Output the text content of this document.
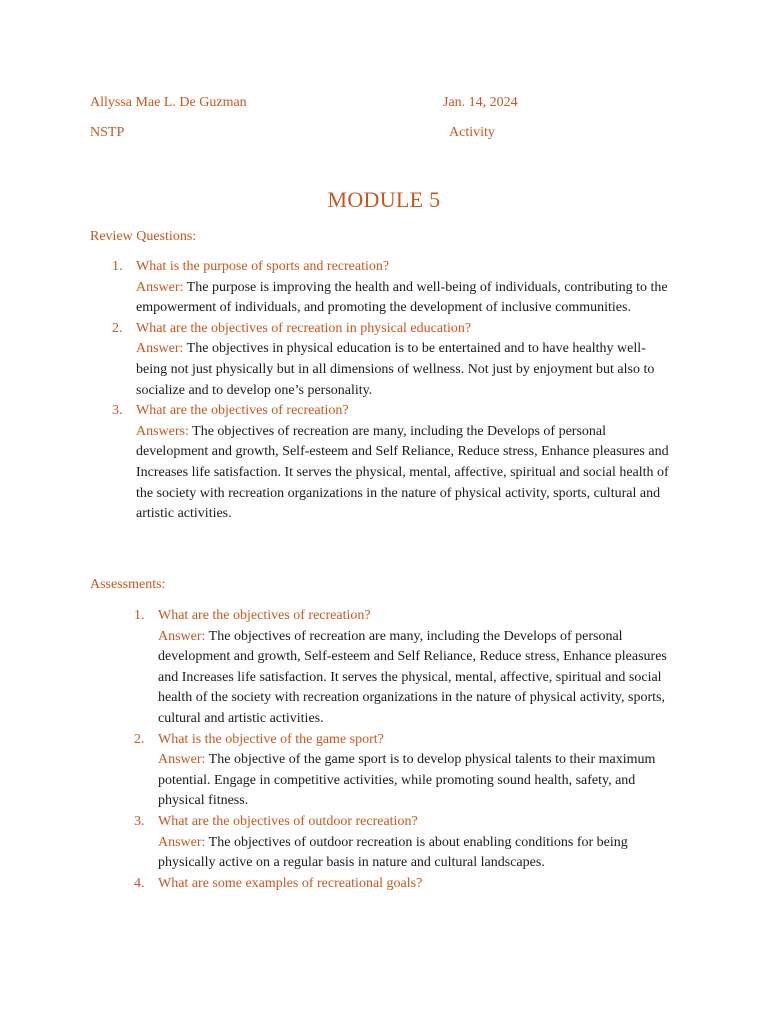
Allyssa Mae L. De Guzman	Jan. 14, 2024
NSTP	Activity
MODULE 5
Review Questions:
1. What is the purpose of sports and recreation?
Answer: The purpose is improving the health and well-being of individuals, contributing to the empowerment of individuals, and promoting the development of inclusive communities.
2. What are the objectives of recreation in physical education?
Answer: The objectives in physical education is to be entertained and to have healthy well-being not just physically but in all dimensions of wellness. Not just by enjoyment but also to socialize and to develop one’s personality.
3. What are the objectives of recreation?
Answers: The objectives of recreation are many, including the Develops of personal development and growth, Self-esteem and Self Reliance, Reduce stress, Enhance pleasures and Increases life satisfaction. It serves the physical, mental, affective, spiritual and social health of the society with recreation organizations in the nature of physical activity, sports, cultural and artistic activities.
Assessments:
1. What are the objectives of recreation?
Answer: The objectives of recreation are many, including the Develops of personal development and growth, Self-esteem and Self Reliance, Reduce stress, Enhance pleasures and Increases life satisfaction. It serves the physical, mental, affective, spiritual and social health of the society with recreation organizations in the nature of physical activity, sports, cultural and artistic activities.
2. What is the objective of the game sport?
Answer: The objective of the game sport is to develop physical talents to their maximum potential. Engage in competitive activities, while promoting sound health, safety, and physical fitness.
3. What are the objectives of outdoor recreation?
Answer: The objectives of outdoor recreation is about enabling conditions for being physically active on a regular basis in nature and cultural landscapes.
4. What are some examples of recreational goals?
